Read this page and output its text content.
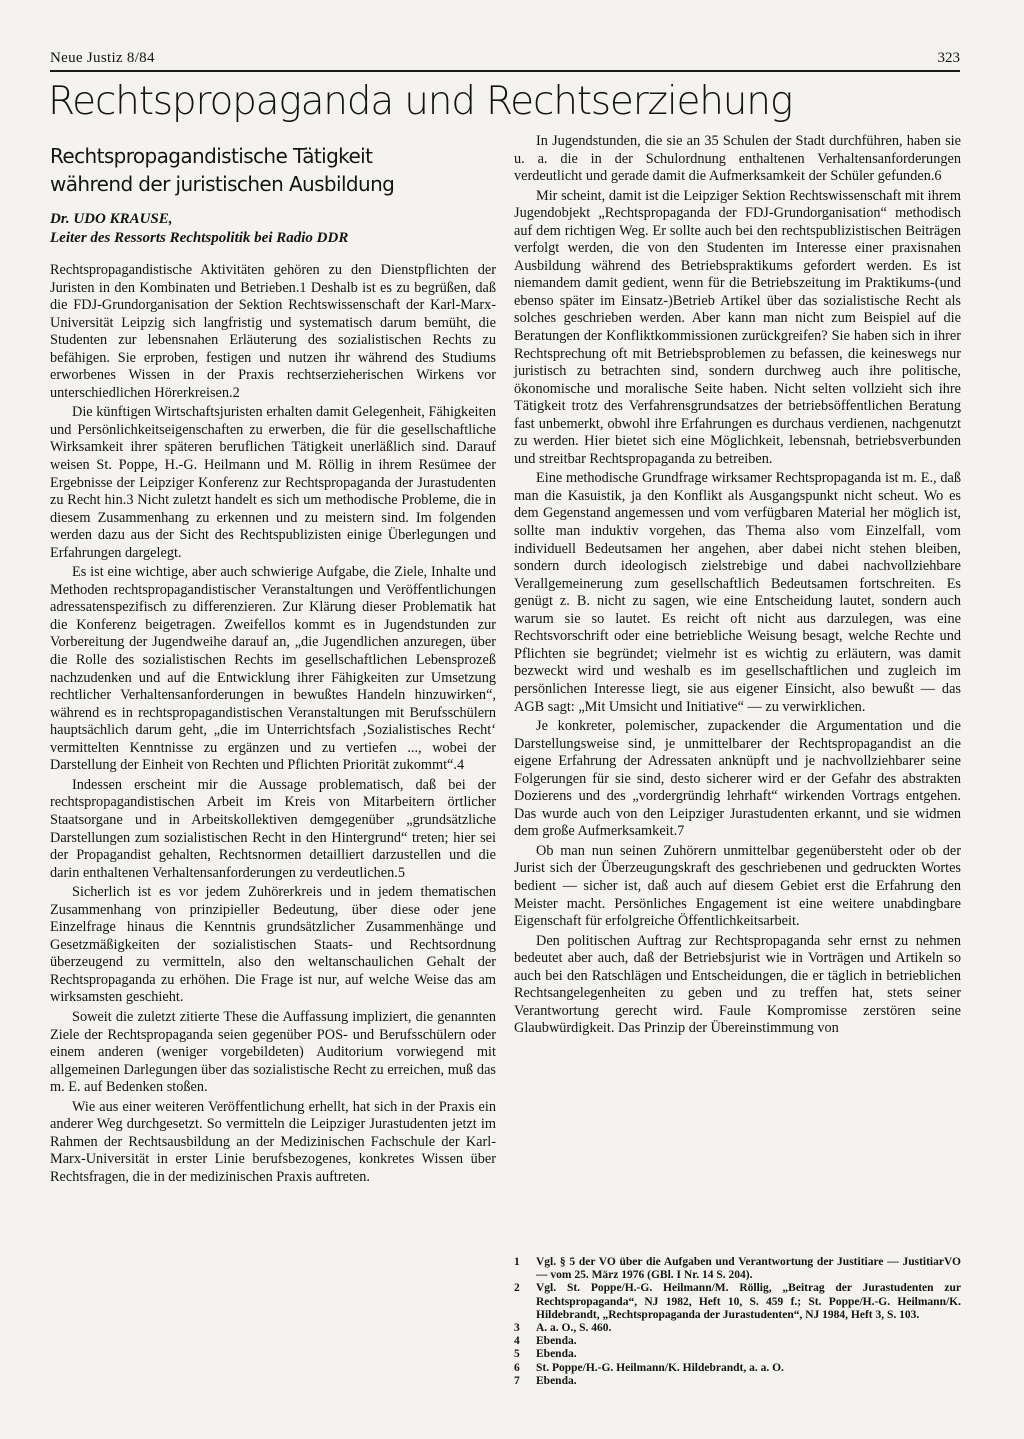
Neue Justiz 8/84	323
Rechtspropaganda und Rechtserziehung
Rechtspropagandistische Tätigkeit
während der juristischen Ausbildung
Dr. UDO KRAUSE,
Leiter des Ressorts Rechtspolitik bei Radio DDR

Rechtspropagandistische Aktivitäten gehören zu den Dienstpflichten der Juristen in den Kombinaten und Betrieben.1 Deshalb ist es zu begrüßen, daß die FDJ-Grundorganisation der Sektion Rechtswissenschaft der Karl-Marx-Universität Leipzig sich langfristig und systematisch darum bemüht, die Studenten zur lebensnahen Erläuterung des sozialistischen Rechts zu befähigen. Sie erproben, festigen und nutzen ihr während des Studiums erworbenes Wissen in der Praxis rechtserzieherischen Wirkens vor unterschiedlichen Hörerkreisen.2

Die künftigen Wirtschaftsjuristen erhalten damit Gelegenheit, Fähigkeiten und Persönlichkeitseigenschaften zu erwerben, die für die gesellschaftliche Wirksamkeit ihrer späteren beruflichen Tätigkeit unerläßlich sind. Darauf weisen St. Poppe, H.-G. Heilmann und M. Röllig in ihrem Resümee der Ergebnisse der Leipziger Konferenz zur Rechtspropaganda der Jurastudenten zu Recht hin.3 Nicht zuletzt handelt es sich um methodische Probleme, die in diesem Zusammenhang zu erkennen und zu meistern sind. Im folgenden werden dazu aus der Sicht des Rechtspublizisten einige Überlegungen und Erfahrungen dargelegt.

Es ist eine wichtige, aber auch schwierige Aufgabe, die Ziele, Inhalte und Methoden rechtspropagandistischer Veranstaltungen und Veröffentlichungen adressatenspezifisch zu differenzieren. Zur Klärung dieser Problematik hat die Konferenz beigetragen. Zweifellos kommt es in Jugendstunden zur Vorbereitung der Jugendweihe darauf an, „die Jugendlichen anzuregen, über die Rolle des sozialistischen Rechts im gesellschaftlichen Lebensprozeß nachzudenken und auf die Entwicklung ihrer Fähigkeiten zur Umsetzung rechtlicher Verhaltensanforderungen in bewußtes Handeln hinzuwirken“, während es in rechtspropagandistischen Veranstaltungen mit Berufsschülern hauptsächlich darum geht, „die im Unterrichtsfach ‚Sozialistisches Recht‘ vermittelten Kenntnisse zu ergänzen und zu vertiefen ..., wobei der Darstellung der Einheit von Rechten und Pflichten Priorität zukommt“.4

Indessen erscheint mir die Aussage problematisch, daß bei der rechtspropagandistischen Arbeit im Kreis von Mitarbeitern örtlicher Staatsorgane und in Arbeitskollektiven demgegenüber „grundsätzliche Darstellungen zum sozialistischen Recht in den Hintergrund“ treten; hier sei der Propagandist gehalten, Rechtsnormen detailliert darzustellen und die darin enthaltenen Verhaltensanforderungen zu verdeutlichen.5

Sicherlich ist es vor jedem Zuhörerkreis und in jedem thematischen Zusammenhang von prinzipieller Bedeutung, über diese oder jene Einzelfrage hinaus die Kenntnis grundsätzlicher Zusammenhänge und Gesetzmäßigkeiten der sozialistischen Staats- und Rechtsordnung überzeugend zu vermitteln, also den weltanschaulichen Gehalt der Rechtspropaganda zu erhöhen. Die Frage ist nur, auf welche Weise das am wirksamsten geschieht.

Soweit die zuletzt zitierte These die Auffassung impliziert, die genannten Ziele der Rechtspropaganda seien gegenüber POS- und Berufsschülern oder einem anderen (weniger vorgebildeten) Auditorium vorwiegend mit allgemeinen Darlegungen über das sozialistische Recht zu erreichen, muß das m. E. auf Bedenken stoßen.

Wie aus einer weiteren Veröffentlichung erhellt, hat sich in der Praxis ein anderer Weg durchgesetzt. So vermitteln die Leipziger Jurastudenten jetzt im Rahmen der Rechtsausbildung an der Medizinischen Fachschule der Karl-Marx-Universität in erster Linie berufsbezogenes, konkretes Wissen über Rechtsfragen, die in der medizinischen Praxis auftreten.

In Jugendstunden, die sie an 35 Schulen der Stadt durchführen, haben sie u. a. die in der Schulordnung enthaltenen Verhaltensanforderungen verdeutlicht und gerade damit die Aufmerksamkeit der Schüler gefunden.6

Mir scheint, damit ist die Leipziger Sektion Rechtswissenschaft mit ihrem Jugendobjekt „Rechtspropaganda der FDJ-Grundorganisation“ methodisch auf dem richtigen Weg. Er sollte auch bei den rechtspublizistischen Beiträgen verfolgt werden, die von den Studenten im Interesse einer praxisnahen Ausbildung während des Betriebspraktikums gefordert werden. Es ist niemandem damit gedient, wenn für die Betriebszeitung im Praktikums-(und ebenso später im Einsatz-)Betrieb Artikel über das sozialistische Recht als solches geschrieben werden. Aber kann man nicht zum Beispiel auf die Beratungen der Konfliktkommissionen zurückgreifen? Sie haben sich in ihrer Rechtsprechung oft mit Betriebsproblemen zu befassen, die keineswegs nur juristisch zu betrachten sind, sondern durchweg auch ihre politische, ökonomische und moralische Seite haben. Nicht selten vollzieht sich ihre Tätigkeit trotz des Verfahrensgrundsatzes der betriebsöffentlichen Beratung fast unbemerkt, obwohl ihre Erfahrungen es durchaus verdienen, nachgenutzt zu werden. Hier bietet sich eine Möglichkeit, lebensnah, betriebsverbunden und streitbar Rechtspropaganda zu betreiben.

Eine methodische Grundfrage wirksamer Rechtspropaganda ist m. E., daß man die Kasuistik, ja den Konflikt als Ausgangspunkt nicht scheut. Wo es dem Gegenstand angemessen und vom verfügbaren Material her möglich ist, sollte man induktiv vorgehen, das Thema also vom Einzelfall, vom individuell Bedeutsamen her angehen, aber dabei nicht stehen bleiben, sondern durch ideologisch zielstrebige und dabei nachvollziehbare Verallgemeinerung zum gesellschaftlich Bedeutsamen fortschreiten. Es genügt z. B. nicht zu sagen, wie eine Entscheidung lautet, sondern auch warum sie so lautet. Es reicht oft nicht aus darzulegen, was eine Rechtsvorschrift oder eine betriebliche Weisung besagt, welche Rechte und Pflichten sie begründet; vielmehr ist es wichtig zu erläutern, was damit bezweckt wird und weshalb es im gesellschaftlichen und zugleich im persönlichen Interesse liegt, sie aus eigener Einsicht, also bewußt — das AGB sagt: „Mit Umsicht und Initiative“ — zu verwirklichen.

Je konkreter, polemischer, zupackender die Argumentation und die Darstellungsweise sind, je unmittelbarer der Rechtspropagandist an die eigene Erfahrung der Adressaten anknüpft und je nachvollziehbarer seine Folgerungen für sie sind, desto sicherer wird er der Gefahr des abstrakten Dozierens und des „vordergründig lehrhaft“ wirkenden Vortrags entgehen. Das wurde auch von den Leipziger Jurastudenten erkannt, und sie widmen dem große Aufmerksamkeit.7

Ob man nun seinen Zuhörern unmittelbar gegenübersteht oder ob der Jurist sich der Überzeugungskraft des geschriebenen und gedruckten Wortes bedient — sicher ist, daß auch auf diesem Gebiet erst die Erfahrung den Meister macht. Persönliches Engagement ist eine weitere unabdingbare Eigenschaft für erfolgreiche Öffentlichkeitsarbeit.

Den politischen Auftrag zur Rechtspropaganda sehr ernst zu nehmen bedeutet aber auch, daß der Betriebsjurist wie in Vorträgen und Artikeln so auch bei den Ratschlägen und Entscheidungen, die er täglich in betrieblichen Rechtsangelegenheiten zu geben und zu treffen hat, stets seiner Verantwortung gerecht wird. Faule Kompromisse zerstören seine Glaubwürdigkeit. Das Prinzip der Übereinstimmung von

1	Vgl. § 5 der VO über die Aufgaben und Verantwortung der Justitiare — JustitiarVO — vom 25. März 1976 (GBl. I Nr. 14 S. 204).
2	Vgl. St. Poppe/H.-G. Heilmann/M. Röllig, „Beitrag der Jurastudenten zur Rechtspropaganda“, NJ 1982, Heft 10, S. 459 f.; St. Poppe/H.-G. Heilmann/K. Hildebrandt, „Rechtspropaganda der Jurastudenten“, NJ 1984, Heft 3, S. 103.
3	A. a. O., S. 460.
4	Ebenda.
5	Ebenda.
6	St. Poppe/H.-G. Heilmann/K. Hildebrandt, a. a. O.
7	Ebenda.
